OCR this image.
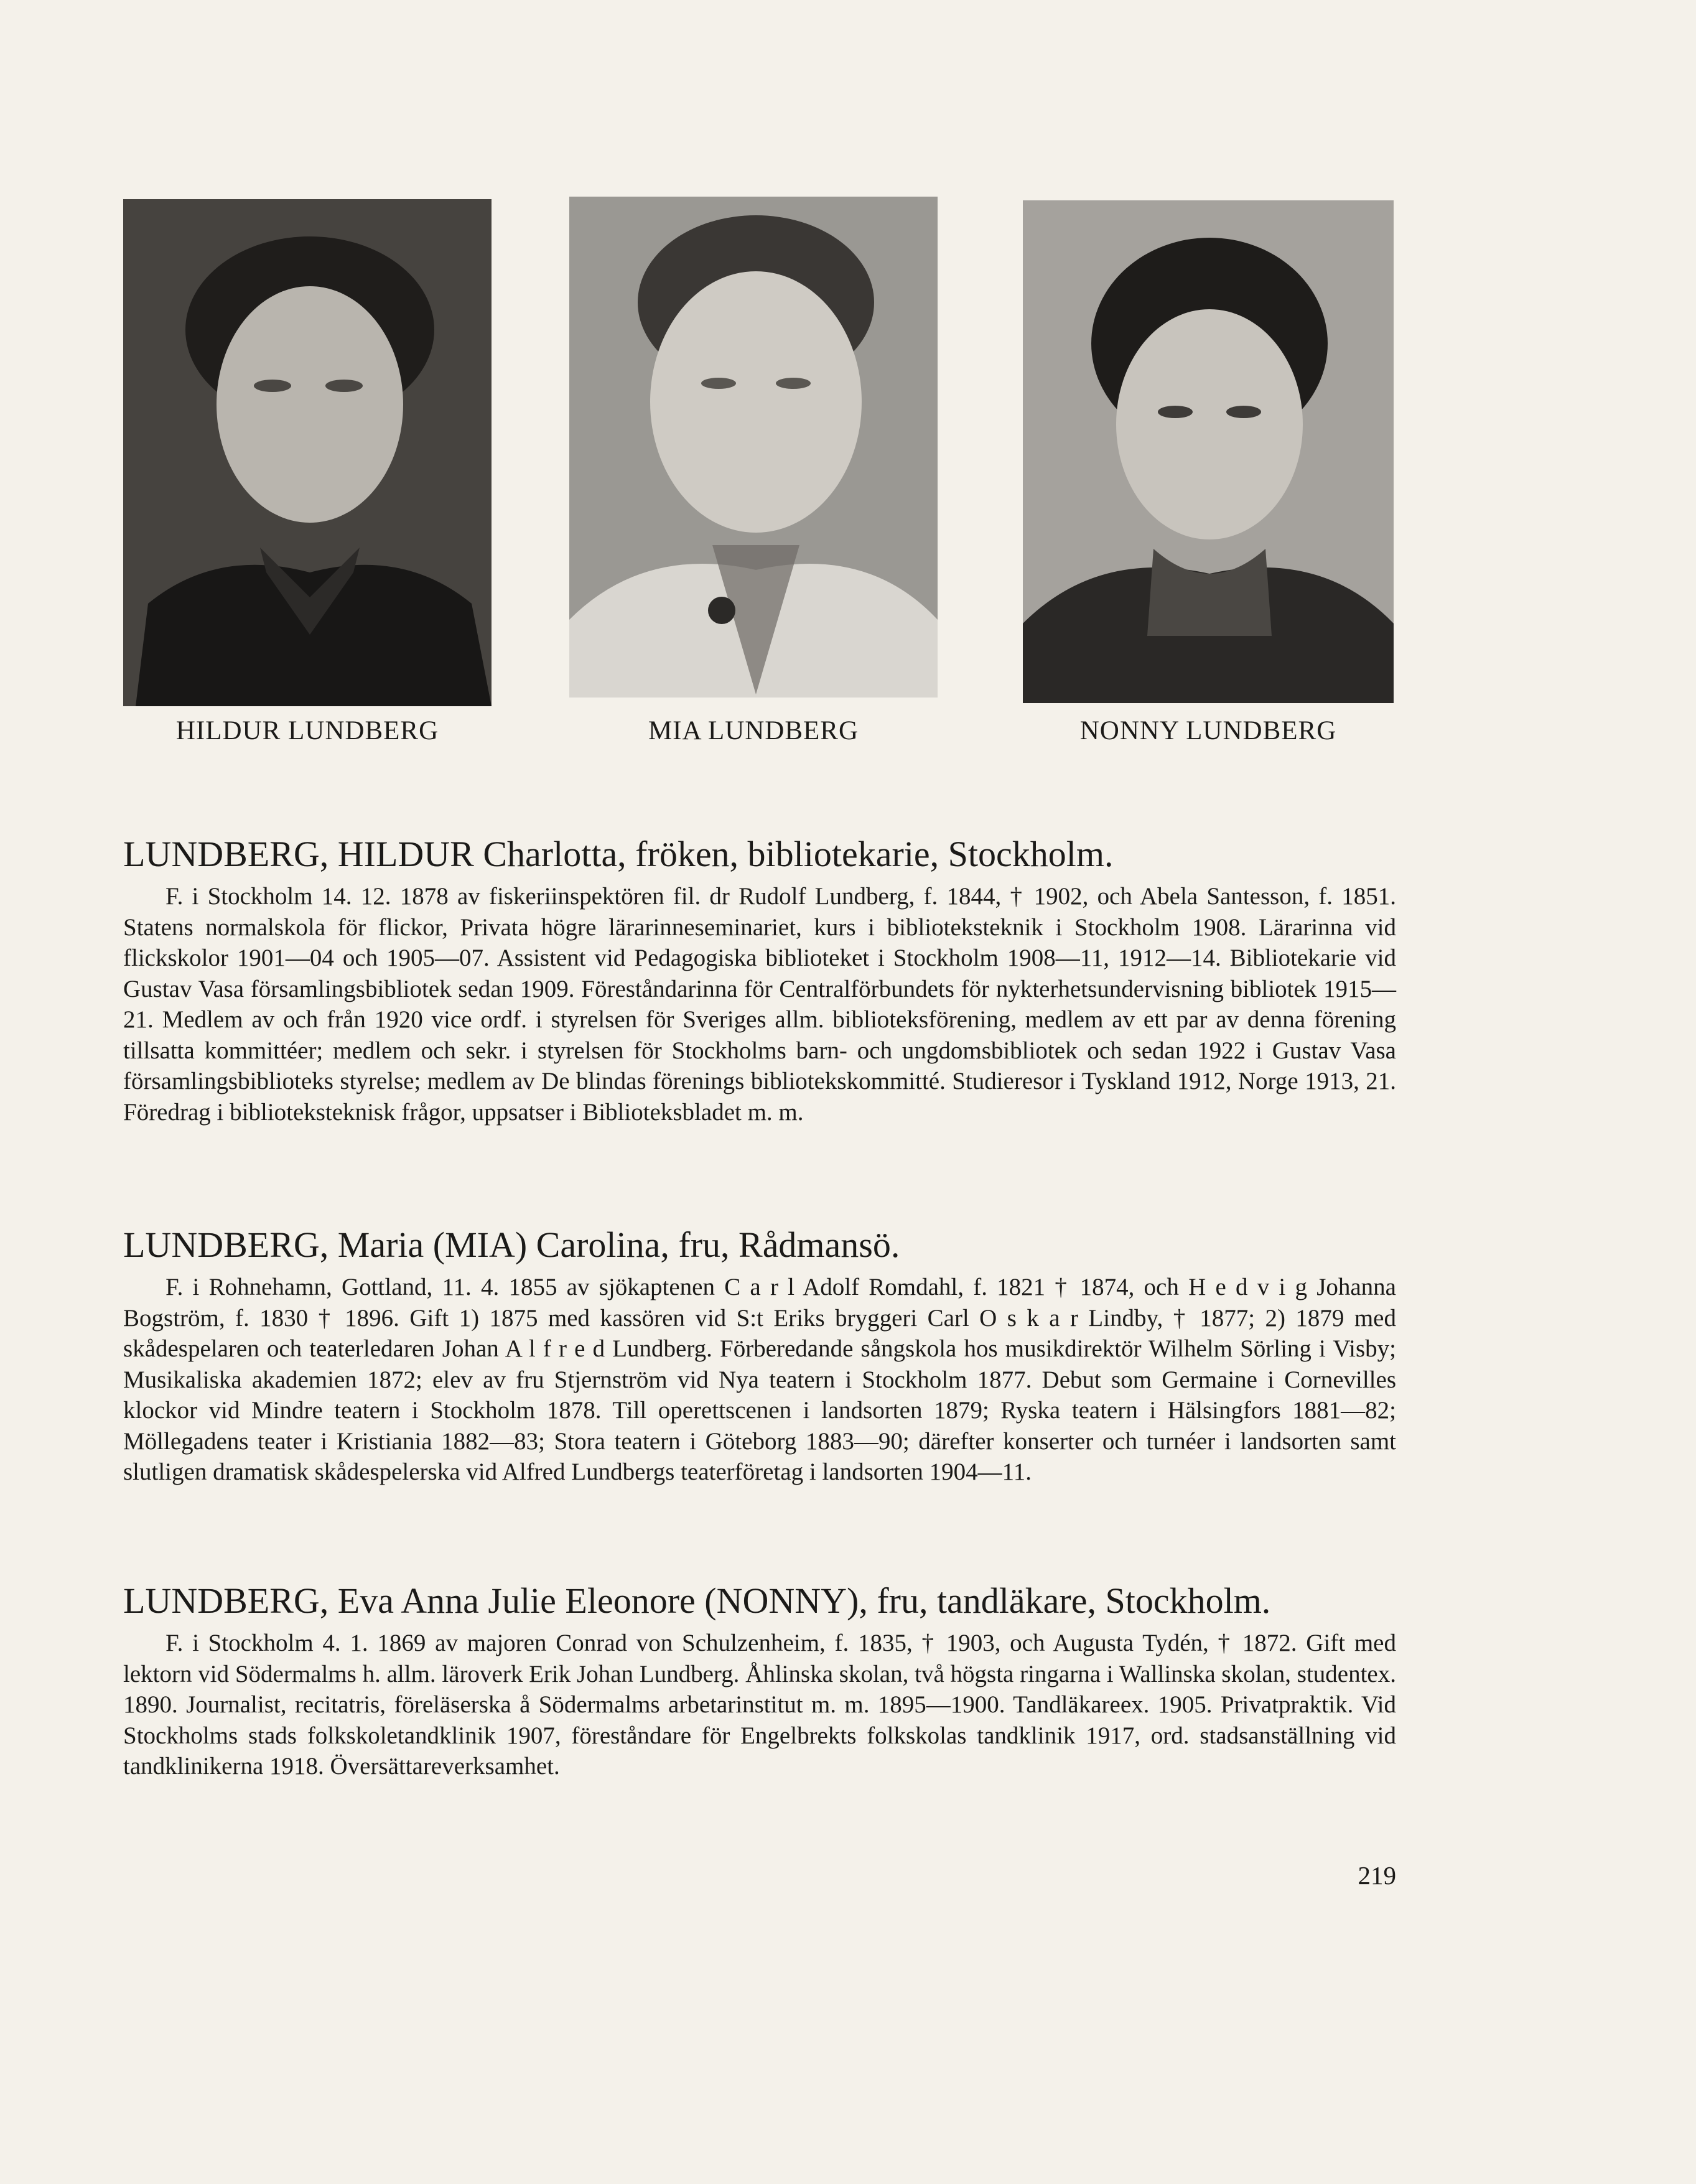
HILDUR LUNDBERG	MIA LUNDBERG	NONNY LUNDBERG

LUNDBERG, HILDUR Charlotta, fröken, bibliotekarie, Stockholm.

F. i Stockholm 14. 12. 1878 av fiskeriinspektören fil. dr Rudolf Lundberg, f. 1844, † 1902, och Abela Santesson, f. 1851. Statens normalskola för flickor, Privata högre lärarinneseminariet, kurs i biblioteksteknik i Stockholm 1908. Lärarinna vid flickskolor 1901—04 och 1905—07. Assistent vid Pedagogiska biblioteket i Stockholm 1908—11, 1912—14. Bibliotekarie vid Gustav Vasa församlingsbibliotek sedan 1909. Föreståndarinna för Centralförbundets för nykterhetsundervisning bibliotek 1915—21. Medlem av och från 1920 vice ordf. i styrelsen för Sveriges allm. biblioteksförening, medlem av ett par av denna förening tillsatta kommittéer; medlem och sekr. i styrelsen för Stockholms barn- och ungdomsbibliotek och sedan 1922 i Gustav Vasa församlingsbiblioteks styrelse; medlem av De blindas förenings bibliotekskommitté. Studieresor i Tyskland 1912, Norge 1913, 21. Föredrag i biblioteksteknisk frågor, uppsatser i Biblioteksbladet m. m.

LUNDBERG, Maria (MIA) Carolina, fru, Rådmansö.

F. i Rohnehamn, Gottland, 11. 4. 1855 av sjökaptenen C a r l Adolf Romdahl, f. 1821 † 1874, och H e d v i g Johanna Bogström, f. 1830 † 1896. Gift 1) 1875 med kassören vid S:t Eriks bryggeri Carl O s k a r Lindby, † 1877; 2) 1879 med skådespelaren och teaterledaren Johan A l f r e d Lundberg. Förberedande sångskola hos musikdirektör Wilhelm Sörling i Visby; Musikaliska akademien 1872; elev av fru Stjernström vid Nya teatern i Stockholm 1877. Debut som Germaine i Cornevilles klockor vid Mindre teatern i Stockholm 1878. Till operettscenen i landsorten 1879; Ryska teatern i Hälsingfors 1881—82; Möllegadens teater i Kristiania 1882—83; Stora teatern i Göteborg 1883—90; därefter konserter och turnéer i landsorten samt slutligen dramatisk skådespelerska vid Alfred Lundbergs teaterföretag i landsorten 1904—11.

LUNDBERG, Eva Anna Julie Eleonore (NONNY), fru, tandläkare, Stockholm.

F. i Stockholm 4. 1. 1869 av majoren Conrad von Schulzenheim, f. 1835, † 1903, och Augusta Tydén, † 1872. Gift med lektorn vid Södermalms h. allm. läroverk Erik Johan Lundberg. Åhlinska skolan, två högsta ringarna i Wallinska skolan, studentex. 1890. Journalist, recitatris, föreläserska å Södermalms arbetarinstitut m. m. 1895—1900. Tandläkareex. 1905. Privatpraktik. Vid Stockholms stads folkskoletandklinik 1907, föreståndare för Engelbrekts folkskolas tandklinik 1917, ord. stadsanställning vid tandklinikerna 1918. Översättareverksamhet.

219
